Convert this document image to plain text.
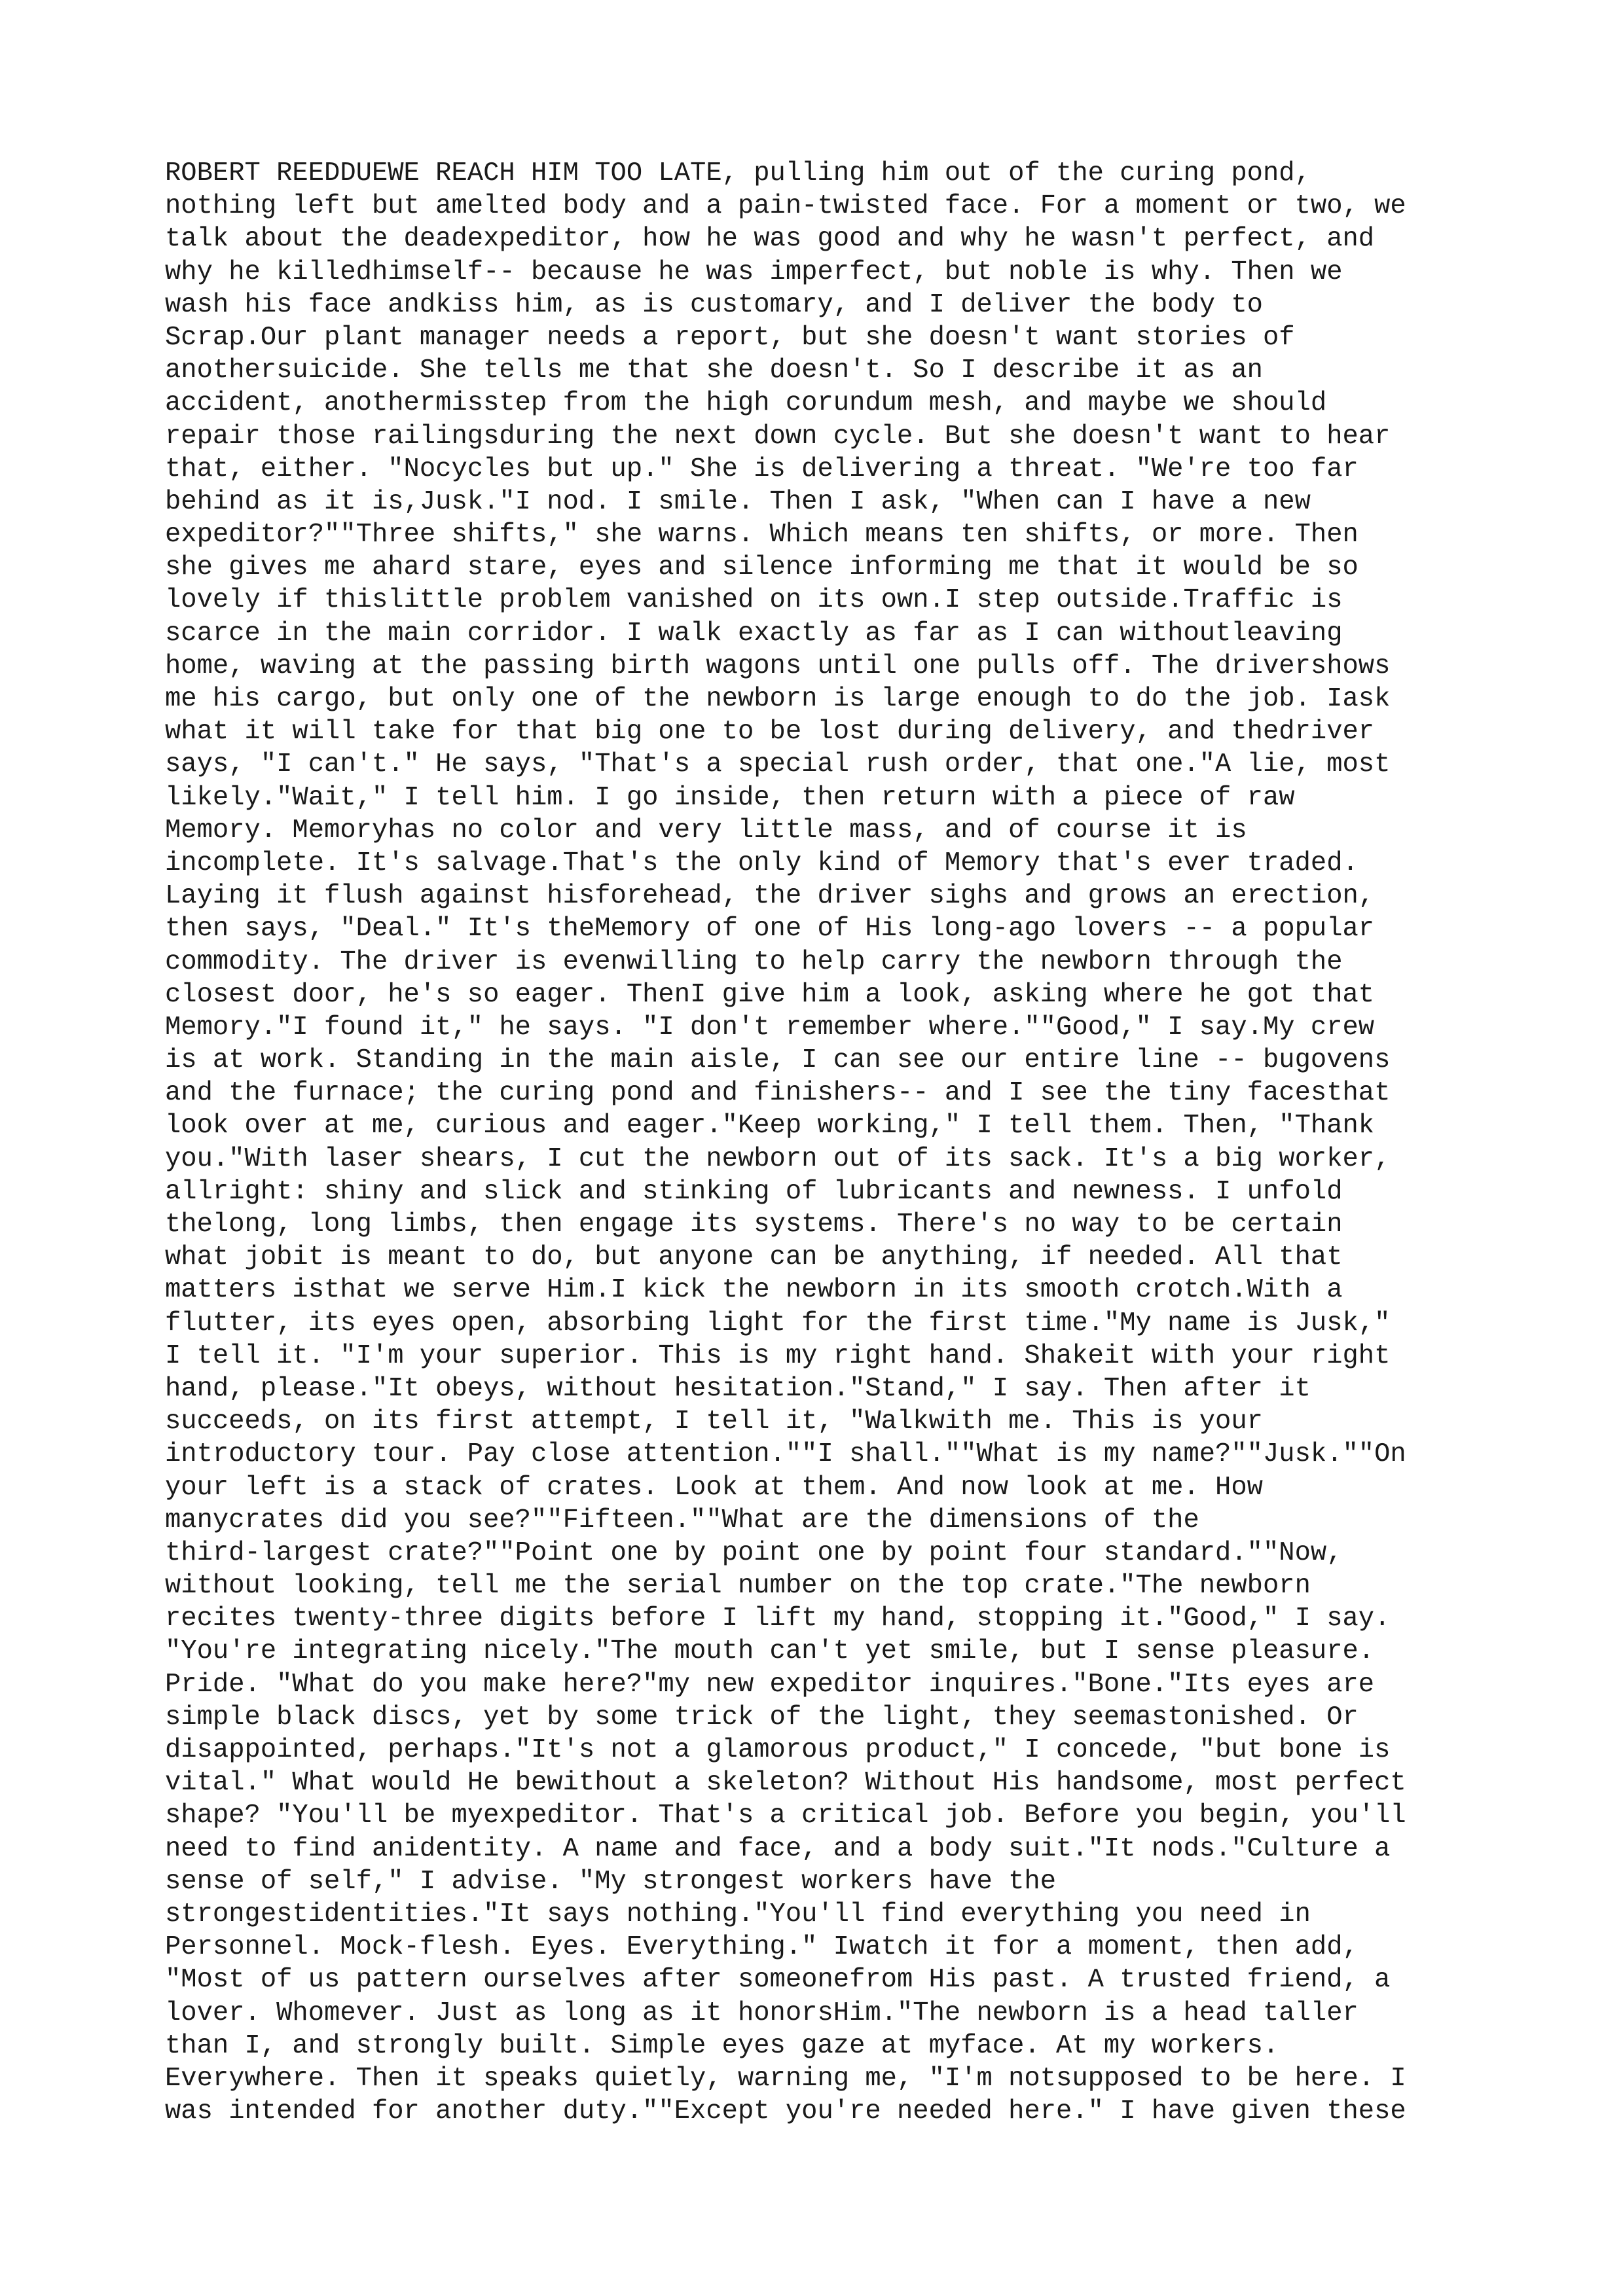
ROBERT REEDDUEWE REACH HIM TOO LATE, pulling him out of the curing pond,
nothing left but amelted body and a pain-twisted face. For a moment or two, we
talk about the deadexpeditor, how he was good and why he wasn't perfect, and
why he killedhimself-- because he was imperfect, but noble is why. Then we
wash his face andkiss him, as is customary, and I deliver the body to
Scrap.Our plant manager needs a report, but she doesn't want stories of
anothersuicide. She tells me that she doesn't. So I describe it as an
accident, anothermisstep from the high corundum mesh, and maybe we should
repair those railingsduring the next down cycle. But she doesn't want to hear
that, either. "Nocycles but up." She is delivering a threat. "We're too far
behind as it is,Jusk."I nod. I smile. Then I ask, "When can I have a new
expeditor?""Three shifts," she warns. Which means ten shifts, or more. Then
she gives me ahard stare, eyes and silence informing me that it would be so
lovely if thislittle problem vanished on its own.I step outside.Traffic is
scarce in the main corridor. I walk exactly as far as I can withoutleaving
home, waving at the passing birth wagons until one pulls off. The drivershows
me his cargo, but only one of the newborn is large enough to do the job. Iask
what it will take for that big one to be lost during delivery, and thedriver
says, "I can't." He says, "That's a special rush order, that one."A lie, most
likely."Wait," I tell him. I go inside, then return with a piece of raw
Memory. Memoryhas no color and very little mass, and of course it is
incomplete. It's salvage.That's the only kind of Memory that's ever traded.
Laying it flush against hisforehead, the driver sighs and grows an erection,
then says, "Deal." It's theMemory of one of His long-ago lovers -- a popular
commodity. The driver is evenwilling to help carry the newborn through the
closest door, he's so eager. ThenI give him a look, asking where he got that
Memory."I found it," he says. "I don't remember where.""Good," I say.My crew
is at work. Standing in the main aisle, I can see our entire line -- bugovens
and the furnace; the curing pond and finishers-- and I see the tiny facesthat
look over at me, curious and eager."Keep working," I tell them. Then, "Thank
you."With laser shears, I cut the newborn out of its sack. It's a big worker,
allright: shiny and slick and stinking of lubricants and newness. I unfold
thelong, long limbs, then engage its systems. There's no way to be certain
what jobit is meant to do, but anyone can be anything, if needed. All that
matters isthat we serve Him.I kick the newborn in its smooth crotch.With a
flutter, its eyes open, absorbing light for the first time."My name is Jusk,"
I tell it. "I'm your superior. This is my right hand. Shakeit with your right
hand, please."It obeys, without hesitation."Stand," I say. Then after it
succeeds, on its first attempt, I tell it, "Walkwith me. This is your
introductory tour. Pay close attention.""I shall.""What is my name?""Jusk.""On
your left is a stack of crates. Look at them. And now look at me. How
manycrates did you see?""Fifteen.""What are the dimensions of the
third-largest crate?""Point one by point one by point four standard.""Now,
without looking, tell me the serial number on the top crate."The newborn
recites twenty-three digits before I lift my hand, stopping it."Good," I say.
"You're integrating nicely."The mouth can't yet smile, but I sense pleasure.
Pride. "What do you make here?"my new expeditor inquires."Bone."Its eyes are
simple black discs, yet by some trick of the light, they seemastonished. Or
disappointed, perhaps."It's not a glamorous product," I concede, "but bone is
vital." What would He bewithout a skeleton? Without His handsome, most perfect
shape? "You'll be myexpeditor. That's a critical job. Before you begin, you'll
need to find anidentity. A name and face, and a body suit."It nods."Culture a
sense of self," I advise. "My strongest workers have the
strongestidentities."It says nothing."You'll find everything you need in
Personnel. Mock-flesh. Eyes. Everything." Iwatch it for a moment, then add,
"Most of us pattern ourselves after someonefrom His past. A trusted friend, a
lover. Whomever. Just as long as it honorsHim."The newborn is a head taller
than I, and strongly built. Simple eyes gaze at myface. At my workers.
Everywhere. Then it speaks quietly, warning me, "I'm notsupposed to be here. I
was intended for another duty.""Except you're needed here." I have given these
